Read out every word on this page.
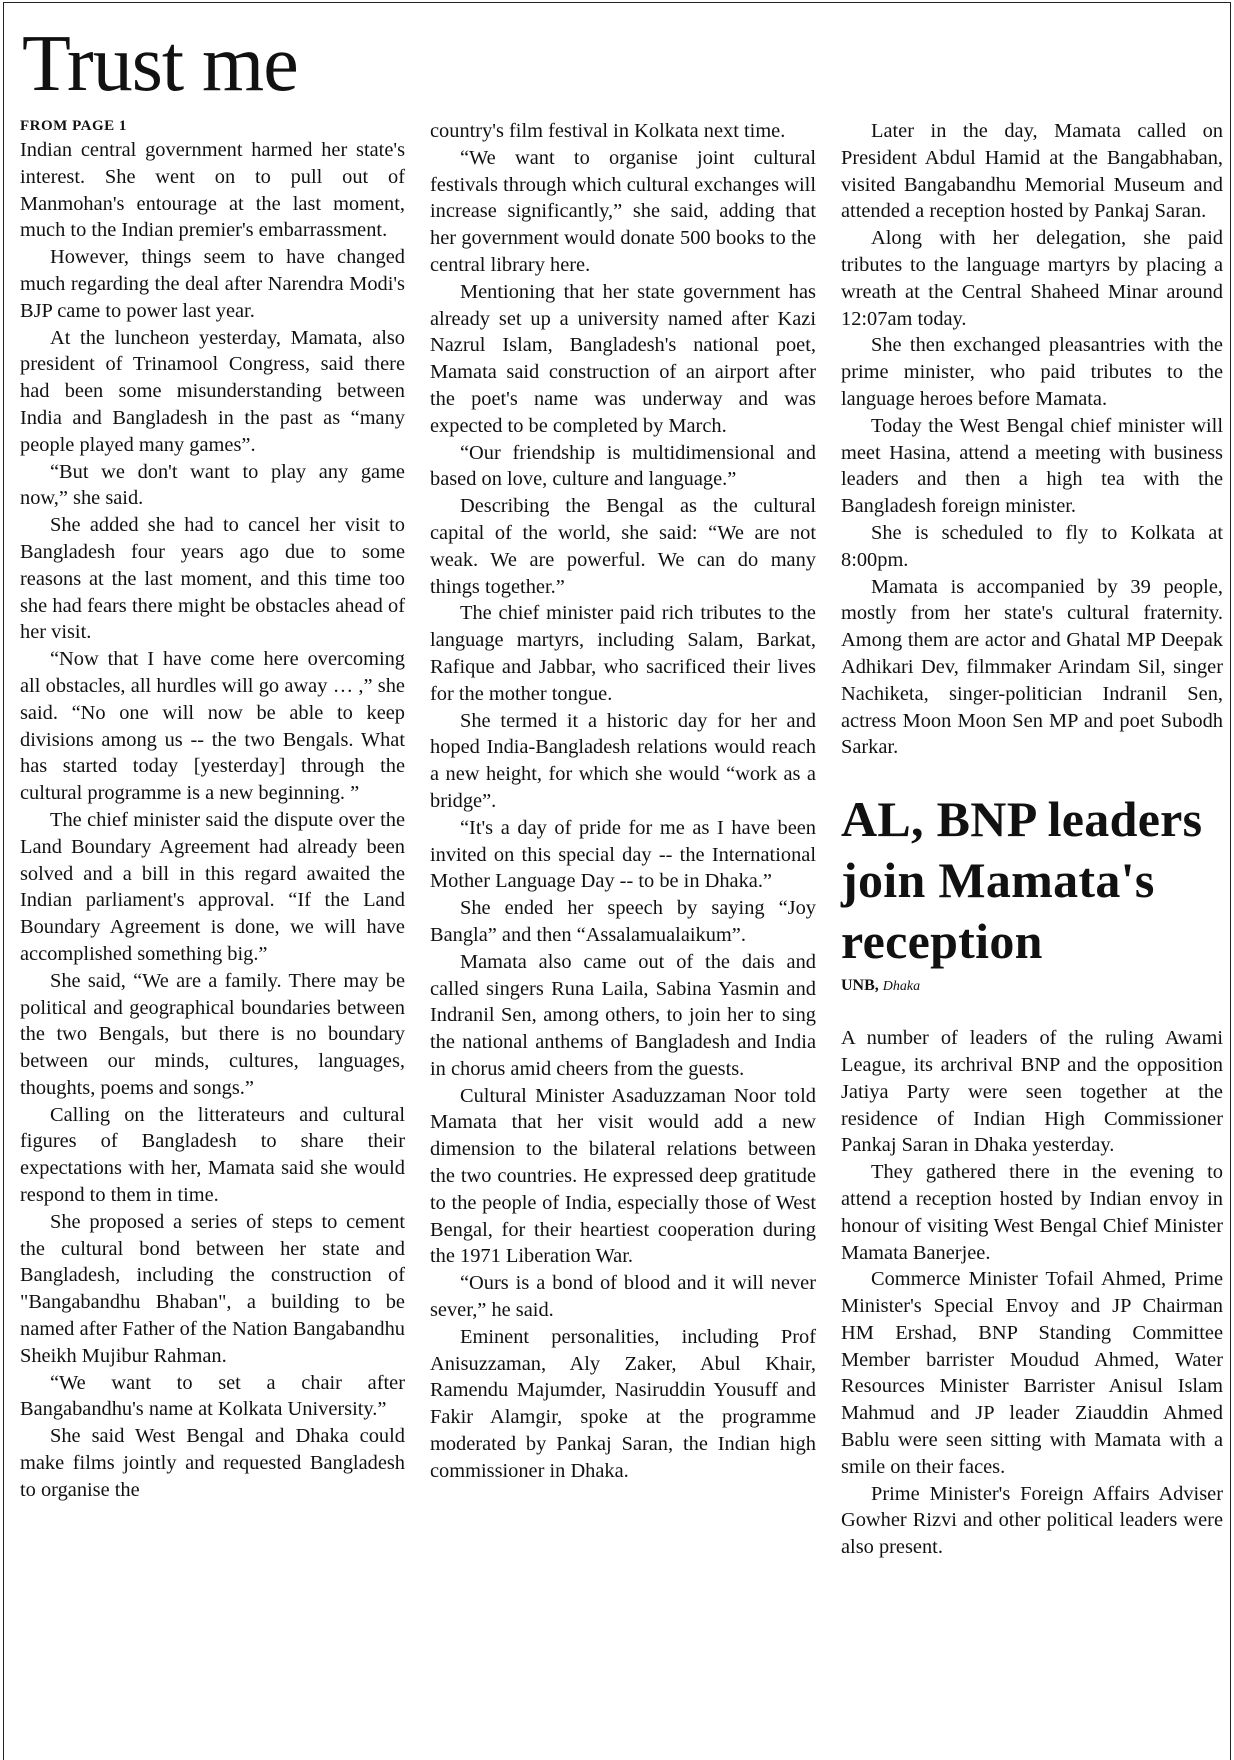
Trust me
FROM PAGE 1

Indian central government harmed her state's interest. She went on to pull out of Manmohan's entourage at the last moment, much to the Indian premier's embarrassment.

However, things seem to have changed much regarding the deal after Narendra Modi's BJP came to power last year.

At the luncheon yesterday, Mamata, also president of Trinamool Congress, said there had been some misunderstanding between India and Bangladesh in the past as “many people played many games”.

“But we don't want to play any game now,” she said.

She added she had to cancel her visit to Bangladesh four years ago due to some reasons at the last moment, and this time too she had fears there might be obstacles ahead of her visit.

“Now that I have come here overcoming all obstacles, all hurdles will go away … ,” she said. “No one will now be able to keep divisions among us -- the two Bengals. What has started today [yesterday] through the cultural programme is a new beginning. ”

The chief minister said the dispute over the Land Boundary Agreement had already been solved and a bill in this regard awaited the Indian parliament's approval. “If the Land Boundary Agreement is done, we will have accomplished something big.”

She said, “We are a family. There may be political and geographical boundaries between the two Bengals, but there is no boundary between our minds, cultures, languages, thoughts, poems and songs.”

Calling on the litterateurs and cultural figures of Bangladesh to share their expectations with her, Mamata said she would respond to them in time.

She proposed a series of steps to cement the cultural bond between her state and Bangladesh, including the construction of "Bangabandhu Bhaban", a building to be named after Father of the Nation Bangabandhu Sheikh Mujibur Rahman.

“We want to set a chair after Bangabandhu's name at Kolkata University.”

She said West Bengal and Dhaka could make films jointly and requested Bangladesh to organise the

country's film festival in Kolkata next time.

“We want to organise joint cultural festivals through which cultural exchanges will increase significantly,” she said, adding that her government would donate 500 books to the central library here.

Mentioning that her state government has already set up a university named after Kazi Nazrul Islam, Bangladesh's national poet, Mamata said construction of an airport after the poet's name was underway and was expected to be completed by March.

“Our friendship is multidimensional and based on love, culture and language.”

Describing the Bengal as the cultural capital of the world, she said: “We are not weak. We are powerful. We can do many things together.”

The chief minister paid rich tributes to the language martyrs, including Salam, Barkat, Rafique and Jabbar, who sacrificed their lives for the mother tongue.

She termed it a historic day for her and hoped India-Bangladesh relations would reach a new height, for which she would “work as a bridge”.

“It's a day of pride for me as I have been invited on this special day -- the International Mother Language Day -- to be in Dhaka.”

She ended her speech by saying “Joy Bangla” and then “Assalamualaikum”.

Mamata also came out of the dais and called singers Runa Laila, Sabina Yasmin and Indranil Sen, among others, to join her to sing the national anthems of Bangladesh and India in chorus amid cheers from the guests.

Cultural Minister Asaduzzaman Noor told Mamata that her visit would add a new dimension to the bilateral relations between the two countries. He expressed deep gratitude to the people of India, especially those of West Bengal, for their heartiest cooperation during the 1971 Liberation War.

“Ours is a bond of blood and it will never sever,” he said.

Eminent personalities, including Prof Anisuzzaman, Aly Zaker, Abul Khair, Ramendu Majumder, Nasiruddin Yousuff and Fakir Alamgir, spoke at the programme moderated by Pankaj Saran, the Indian high commissioner in Dhaka.

Later in the day, Mamata called on President Abdul Hamid at the Bangabhaban, visited Bangabandhu Memorial Museum and attended a reception hosted by Pankaj Saran.

Along with her delegation, she paid tributes to the language martyrs by placing a wreath at the Central Shaheed Minar around 12:07am today.

She then exchanged pleasantries with the prime minister, who paid tributes to the language heroes before Mamata.

Today the West Bengal chief minister will meet Hasina, attend a meeting with business leaders and then a high tea with the Bangladesh foreign minister.

She is scheduled to fly to Kolkata at 8:00pm.

Mamata is accompanied by 39 people, mostly from her state's cultural fraternity. Among them are actor and Ghatal MP Deepak Adhikari Dev, filmmaker Arindam Sil, singer Nachiketa, singer-politician Indranil Sen, actress Moon Moon Sen MP and poet Subodh Sarkar.

AL, BNP leaders join Mamata's reception
UNB, Dhaka

A number of leaders of the ruling Awami League, its archrival BNP and the opposition Jatiya Party were seen together at the residence of Indian High Commissioner Pankaj Saran in Dhaka yesterday.

They gathered there in the evening to attend a reception hosted by Indian envoy in honour of visiting West Bengal Chief Minister Mamata Banerjee.

Commerce Minister Tofail Ahmed, Prime Minister's Special Envoy and JP Chairman HM Ershad, BNP Standing Committee Member barrister Moudud Ahmed, Water Resources Minister Barrister Anisul Islam Mahmud and JP leader Ziauddin Ahmed Bablu were seen sitting with Mamata with a smile on their faces.

Prime Minister's Foreign Affairs Adviser Gowher Rizvi and other political leaders were also present.
